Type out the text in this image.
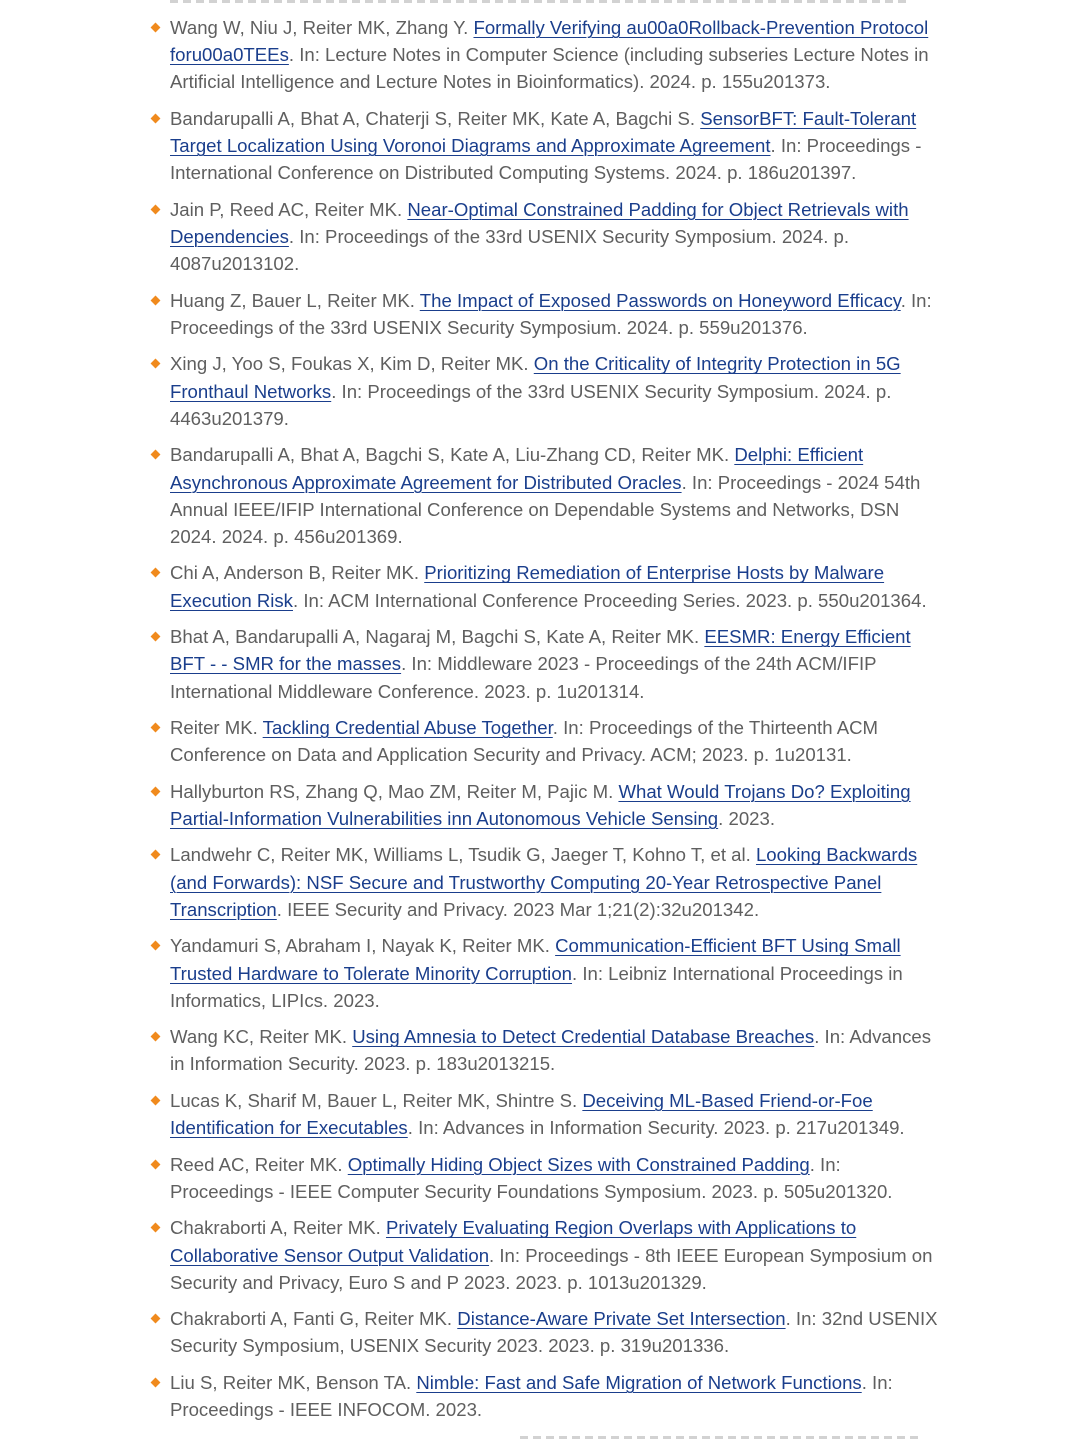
Wang W, Niu J, Reiter MK, Zhang Y. Formally Verifying au00a0Rollback-Prevention Protocol foru00a0TEEs. In: Lecture Notes in Computer Science (including subseries Lecture Notes in Artificial Intelligence and Lecture Notes in Bioinformatics). 2024. p. 155u201373.
Bandarupalli A, Bhat A, Chaterji S, Reiter MK, Kate A, Bagchi S. SensorBFT: Fault-Tolerant Target Localization Using Voronoi Diagrams and Approximate Agreement. In: Proceedings - International Conference on Distributed Computing Systems. 2024. p. 186u201397.
Jain P, Reed AC, Reiter MK. Near-Optimal Constrained Padding for Object Retrievals with Dependencies. In: Proceedings of the 33rd USENIX Security Symposium. 2024. p. 4087u2013102.
Huang Z, Bauer L, Reiter MK. The Impact of Exposed Passwords on Honeyword Efficacy. In: Proceedings of the 33rd USENIX Security Symposium. 2024. p. 559u201376.
Xing J, Yoo S, Foukas X, Kim D, Reiter MK. On the Criticality of Integrity Protection in 5G Fronthaul Networks. In: Proceedings of the 33rd USENIX Security Symposium. 2024. p. 4463u201379.
Bandarupalli A, Bhat A, Bagchi S, Kate A, Liu-Zhang CD, Reiter MK. Delphi: Efficient Asynchronous Approximate Agreement for Distributed Oracles. In: Proceedings - 2024 54th Annual IEEE/IFIP International Conference on Dependable Systems and Networks, DSN 2024. 2024. p. 456u201369.
Chi A, Anderson B, Reiter MK. Prioritizing Remediation of Enterprise Hosts by Malware Execution Risk. In: ACM International Conference Proceeding Series. 2023. p. 550u201364.
Bhat A, Bandarupalli A, Nagaraj M, Bagchi S, Kate A, Reiter MK. EESMR: Energy Efficient BFT - - SMR for the masses. In: Middleware 2023 - Proceedings of the 24th ACM/IFIP International Middleware Conference. 2023. p. 1u201314.
Reiter MK. Tackling Credential Abuse Together. In: Proceedings of the Thirteenth ACM Conference on Data and Application Security and Privacy. ACM; 2023. p. 1u20131.
Hallyburton RS, Zhang Q, Mao ZM, Reiter M, Pajic M. What Would Trojans Do? Exploiting Partial-Information Vulnerabilities inn Autonomous Vehicle Sensing. 2023.
Landwehr C, Reiter MK, Williams L, Tsudik G, Jaeger T, Kohno T, et al. Looking Backwards (and Forwards): NSF Secure and Trustworthy Computing 20-Year Retrospective Panel Transcription. IEEE Security and Privacy. 2023 Mar 1;21(2):32u201342.
Yandamuri S, Abraham I, Nayak K, Reiter MK. Communication-Efficient BFT Using Small Trusted Hardware to Tolerate Minority Corruption. In: Leibniz International Proceedings in Informatics, LIPIcs. 2023.
Wang KC, Reiter MK. Using Amnesia to Detect Credential Database Breaches. In: Advances in Information Security. 2023. p. 183u2013215.
Lucas K, Sharif M, Bauer L, Reiter MK, Shintre S. Deceiving ML-Based Friend-or-Foe Identification for Executables. In: Advances in Information Security. 2023. p. 217u201349.
Reed AC, Reiter MK. Optimally Hiding Object Sizes with Constrained Padding. In: Proceedings - IEEE Computer Security Foundations Symposium. 2023. p. 505u201320.
Chakraborti A, Reiter MK. Privately Evaluating Region Overlaps with Applications to Collaborative Sensor Output Validation. In: Proceedings - 8th IEEE European Symposium on Security and Privacy, Euro S and P 2023. 2023. p. 1013u201329.
Chakraborti A, Fanti G, Reiter MK. Distance-Aware Private Set Intersection. In: 32nd USENIX Security Symposium, USENIX Security 2023. 2023. p. 319u201336.
Liu S, Reiter MK, Benson TA. Nimble: Fast and Safe Migration of Network Functions. In: Proceedings - IEEE INFOCOM. 2023.
